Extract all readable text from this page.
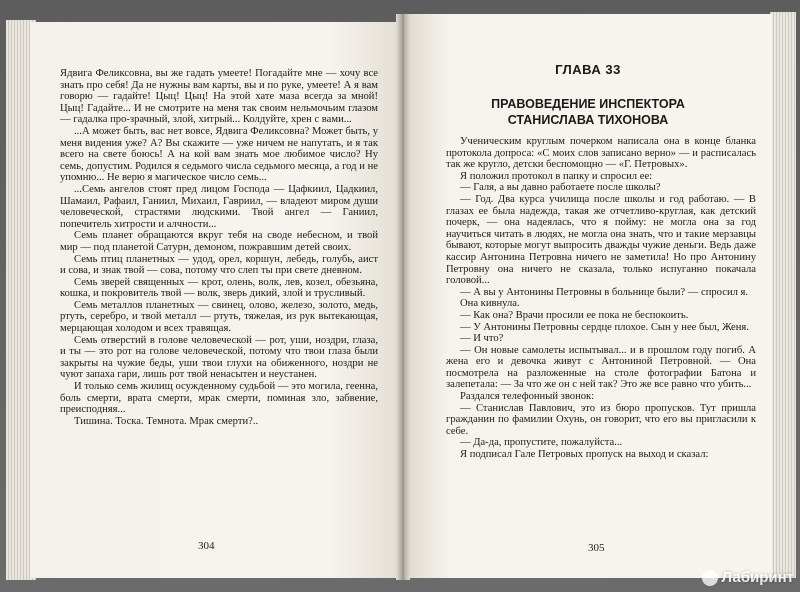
Ядвига Феликсовна, вы же гадать умеете! Погадайте мне — хочу все знать про себя! Да не нужны вам карты, вы и по руке, умеете! А я вам говорю — гадайте! Цыц! Цыц! На этой хате маза всегда за мной! Цыц! Гадайте... И не смотрите на меня так своим нельмочьим глазом — гадалка про-зрачный, злой, хитрый... Колдуйте, хрен с вами...

...А может быть, вас нет вовсе, Ядвига Феликсовна? Может быть, у меня видения уже? А? Вы скажите — уже ничем не напутать, и я так всего на свете боюсь! А на кой вам знать мое любимое число? Ну семь, допустим. Родился я седьмого числа седьмого месяца, а год и не упомню... Не верю я магическое число семь...

...Семь ангелов стоят пред лицом Господа — Цафкиил, Цадкиил, Шамаил, Рафаил, Ганиил, Михаил, Гавриил, — владеют миром души человеческой, страстями людскими. Твой ангел — Ганиил, попечитель хитрости и алчности...

Семь планет обращаются вкруг тебя на своде небесном, и твой мир — под планетой Сатурн, демоном, пожравшим детей своих.

Семь птиц планетных — удод, орел, коршун, лебедь, голубь, аист и сова, и знак твой — сова, потому что слеп ты при свете дневном.

Семь зверей священных — крот, олень, волк, лев, козел, обезьяна, кошка, и покровитель твой — волк, зверь дикий, злой и трусливый.

Семь металлов планетных — свинец, олово, железо, золото, медь, ртуть, серебро, и твой металл — ртуть, тяжелая, из рук вытекающая, мерцающая холодом и всех травящая.

Семь отверстий в голове человеческой — рот, уши, ноздри, глаза, и ты — это рот на голове человеческой, потому что твои глаза были закрыты на чужие беды, уши твои глухи на обиженного, ноздри не чуют запаха гари, лишь рот твой ненасытен и неустанен.

И только семь жилищ осужденному судьбой — это могила, геенна, боль смерти, врата смерти, мрак смерти, поминая зло, забвение, преисподняя...

Тишина. Тоска. Темнота. Мрак смерти?..

304
ГЛАВА 33
ПРАВОВЕДЕНИЕ ИНСПЕКТОРА
СТАНИСЛАВА ТИХОНОВА

Ученическим круглым почерком написала она в конце бланка протокола допроса: «С моих слов записано верно» — и расписалась так же кругло, детски беспомощно — «Г. Петровых».

Я положил протокол в папку и спросил ее:

— Галя, а вы давно работаете после школы?

— Год. Два курса училища после школы и год работаю. — В глазах ее была надежда, такая же отчетливо-круглая, как детский почерк, — она надеялась, что я пойму: не могла она за год научиться читать в людях, не могла она знать, что и такие мерзавцы бывают, которые могут выпросить дважды чужие деньги. Ведь даже кассир Антонина Петровна ничего не заметила! Но про Антонину Петровну она ничего не сказала, только испуганно покачала головой...

— А вы у Антонины Петровны в больнице были? — спросил я.

Она кивнула.

— Как она? Врачи просили ее пока не беспокоить.

— У Антонины Петровны сердце плохое. Сын у нее был, Женя.

— И что?

— Он новые самолеты испытывал... и в прошлом году погиб. А жена его и девочка живут с Антониной Петровной. — Она посмотрела на разложенные на столе фотографии Батона и залепетала: — За что же он с ней так? Это же все равно что убить...

Раздался телефонный звонок:

— Станислав Павлович, это из бюро пропусков. Тут пришла гражданин по фамилии Охунь, он говорит, что его вы пригласили к себе.

— Да-да, пропустите, пожалуйста...

Я подписал Гале Петровых пропуск на выход и сказал:

305
Лабиринт
